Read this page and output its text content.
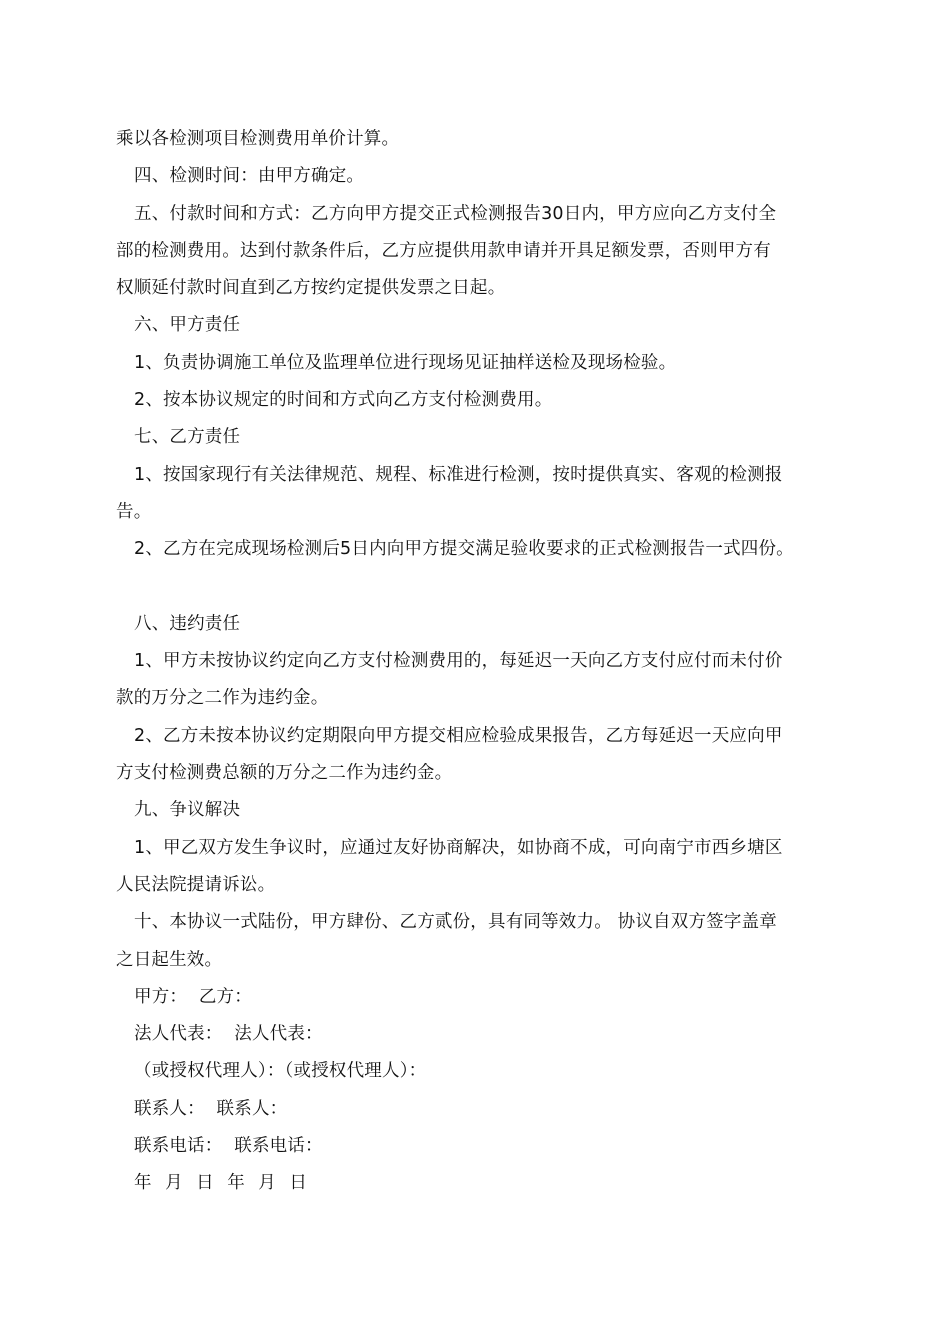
乘以各检测项目检测费用单价计算。
四、检测时间：由甲方确定。
五、付款时间和方式：乙方向甲方提交正式检测报告30日内，甲方应向乙方支付全
部的检测费用。达到付款条件后，乙方应提供用款申请并开具足额发票，否则甲方有
权顺延付款时间直到乙方按约定提供发票之日起。
六、甲方责任
1、负责协调施工单位及监理单位进行现场见证抽样送检及现场检验。
2、按本协议规定的时间和方式向乙方支付检测费用。
七、乙方责任
1、按国家现行有关法律规范、规程、标准进行检测，按时提供真实、客观的检测报
告。
2、乙方在完成现场检测后5日内向甲方提交满足验收要求的正式检测报告一式四份。
八、违约责任
1、甲方未按协议约定向乙方支付检测费用的，每延迟一天向乙方支付应付而未付价
款的万分之二作为违约金。
2、乙方未按本协议约定期限向甲方提交相应检验成果报告，乙方每延迟一天应向甲
方支付检测费总额的万分之二作为违约金。
九、争议解决
1、甲乙双方发生争议时，应通过友好协商解决，如协商不成，可向南宁市西乡塘区
人民法院提请诉讼。
十、本协议一式陆份，甲方肆份、乙方贰份，具有同等效力。 协议自双方签字盖章
之日起生效。
甲方： 乙方：
法人代表： 法人代表：
（或授权代理人）：（或授权代理人）：
联系人： 联系人：
联系电话： 联系电话：
年 月 日 年 月 日
